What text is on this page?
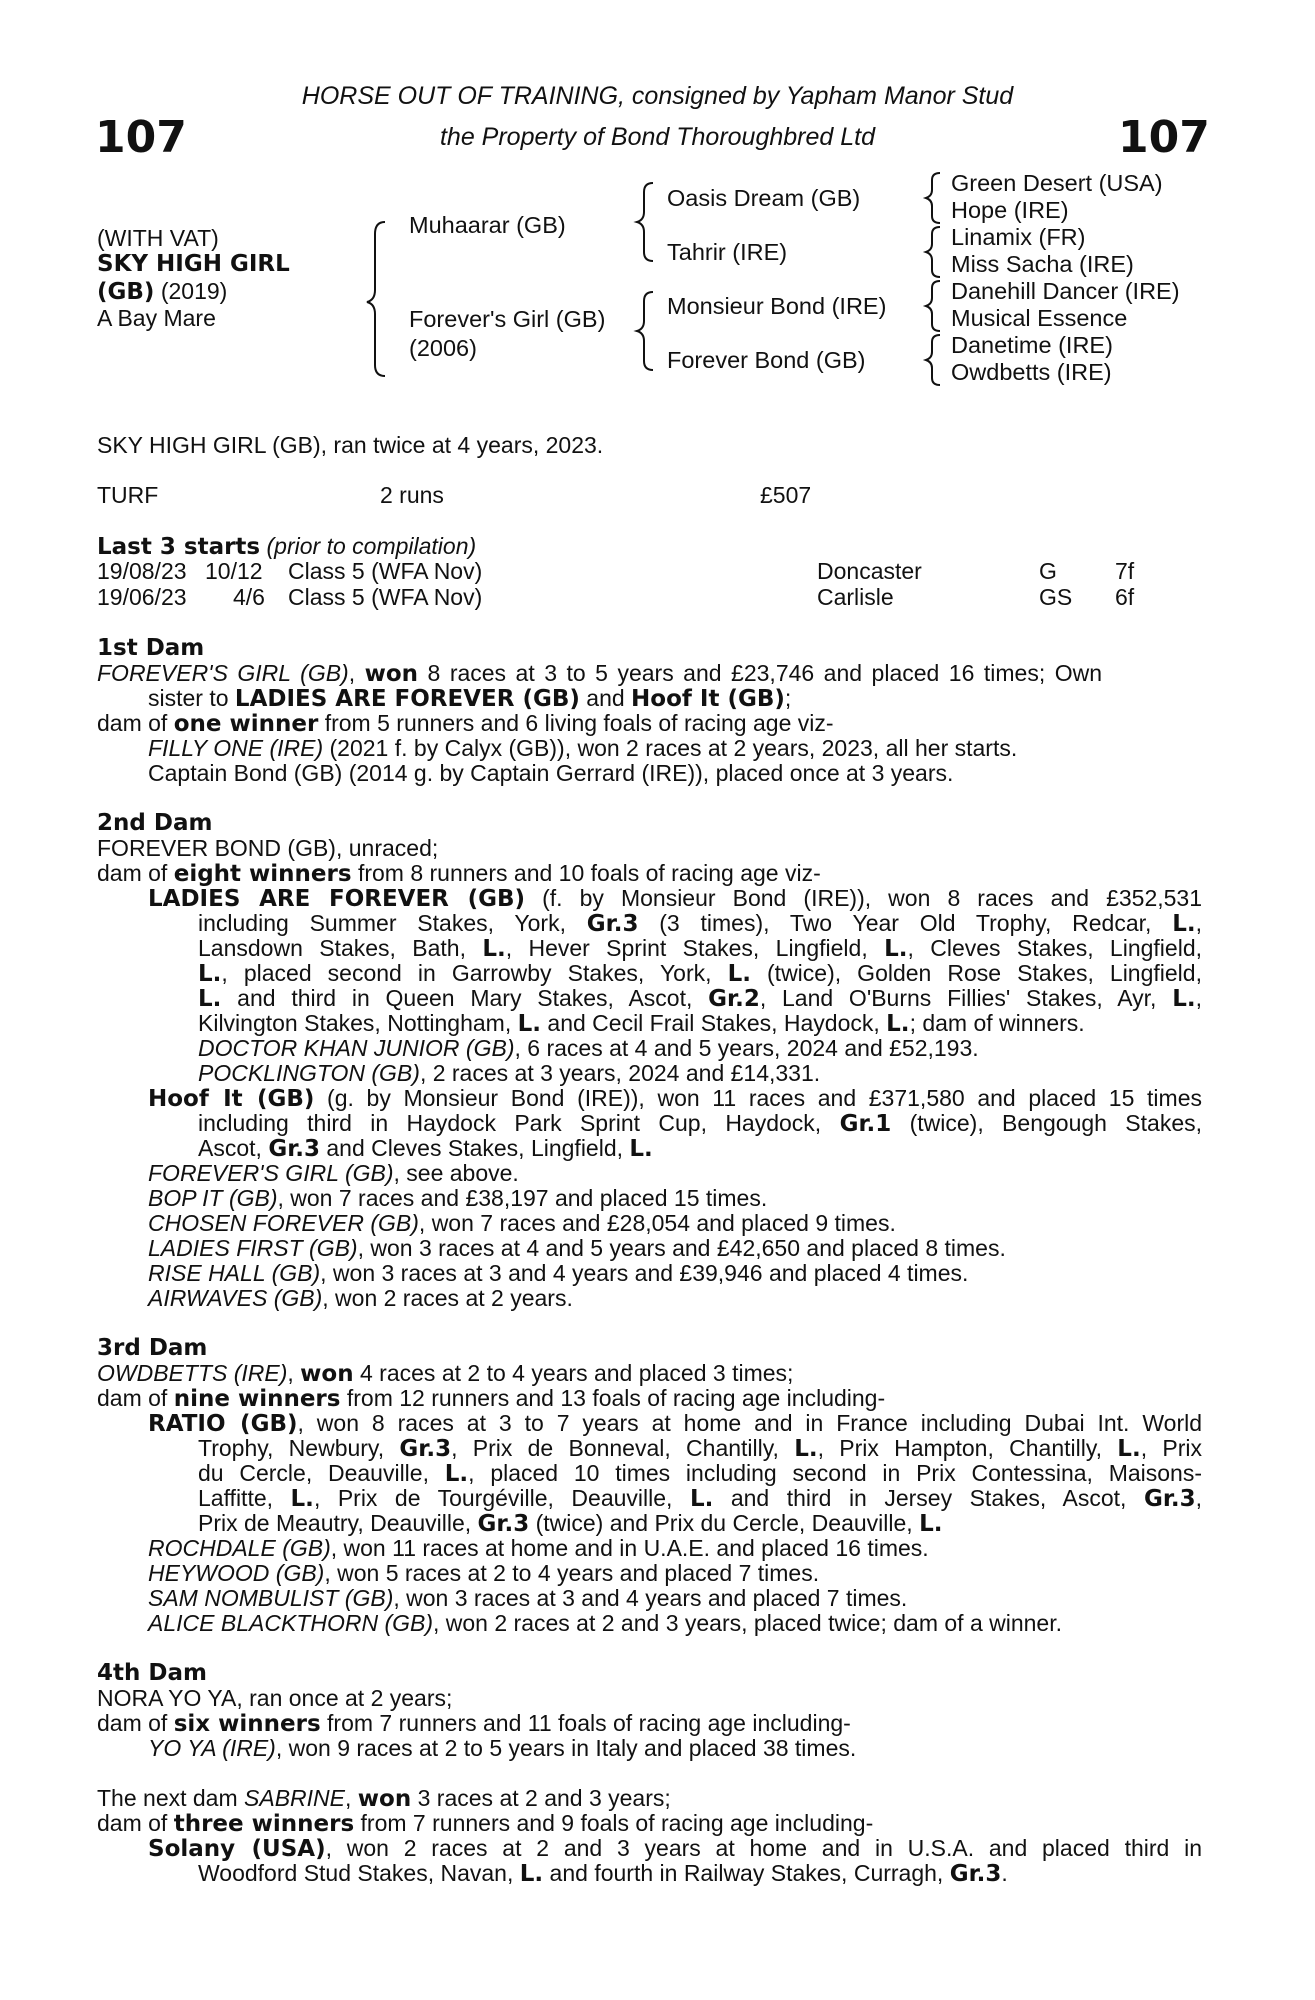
107	107
HORSE OUT OF TRAINING, consigned by Yapham Manor Stud
the Property of Bond Thoroughbred Ltd
(WITH VAT)
SKY HIGH GIRL
(GB) (2019)
A Bay Mare
Muhaarar (GB)
Forever's Girl (GB)
(2006)
Oasis Dream (GB)
Tahrir (IRE)
Monsieur Bond (IRE)
Forever Bond (GB)
Green Desert (USA)
Hope (IRE)
Linamix (FR)
Miss Sacha (IRE)
Danehill Dancer (IRE)
Musical Essence
Danetime (IRE)
Owdbetts (IRE)
SKY HIGH GIRL (GB), ran twice at 4 years, 2023.
TURF	2 runs	£507
Last 3 starts (prior to compilation)
19/08/23 10/12 Class 5 (WFA Nov)	Doncaster	G	7f
19/06/23 4/6 Class 5 (WFA Nov)	Carlisle	GS 6f
1st Dam
FOREVER'S GIRL (GB), won 8 races at 3 to 5 years and £23,746 and placed 16 times; Own
sister to LADIES ARE FOREVER (GB) and Hoof It (GB);
dam of one winner from 5 runners and 6 living foals of racing age viz-
FILLY ONE (IRE) (2021 f. by Calyx (GB)), won 2 races at 2 years, 2023, all her starts.
Captain Bond (GB) (2014 g. by Captain Gerrard (IRE)), placed once at 3 years.
2nd Dam
FOREVER BOND (GB), unraced;
dam of eight winners from 8 runners and 10 foals of racing age viz-
LADIES ARE FOREVER (GB) (f. by Monsieur Bond (IRE)), won 8 races and £352,531
including Summer Stakes, York, Gr.3 (3 times), Two Year Old Trophy, Redcar, L.,
Lansdown Stakes, Bath, L., Hever Sprint Stakes, Lingfield, L., Cleves Stakes, Lingfield,
L., placed second in Garrowby Stakes, York, L. (twice), Golden Rose Stakes, Lingfield,
L. and third in Queen Mary Stakes, Ascot, Gr.2, Land O'Burns Fillies' Stakes, Ayr, L.,
Kilvington Stakes, Nottingham, L. and Cecil Frail Stakes, Haydock, L.; dam of winners.
DOCTOR KHAN JUNIOR (GB), 6 races at 4 and 5 years, 2024 and £52,193.
POCKLINGTON (GB), 2 races at 3 years, 2024 and £14,331.
Hoof It (GB) (g. by Monsieur Bond (IRE)), won 11 races and £371,580 and placed 15 times
including third in Haydock Park Sprint Cup, Haydock, Gr.1 (twice), Bengough Stakes,
Ascot, Gr.3 and Cleves Stakes, Lingfield, L.
FOREVER'S GIRL (GB), see above.
BOP IT (GB), won 7 races and £38,197 and placed 15 times.
CHOSEN FOREVER (GB), won 7 races and £28,054 and placed 9 times.
LADIES FIRST (GB), won 3 races at 4 and 5 years and £42,650 and placed 8 times.
RISE HALL (GB), won 3 races at 3 and 4 years and £39,946 and placed 4 times.
AIRWAVES (GB), won 2 races at 2 years.
3rd Dam
OWDBETTS (IRE), won 4 races at 2 to 4 years and placed 3 times;
dam of nine winners from 12 runners and 13 foals of racing age including-
RATIO (GB), won 8 races at 3 to 7 years at home and in France including Dubai Int. World
Trophy, Newbury, Gr.3, Prix de Bonneval, Chantilly, L., Prix Hampton, Chantilly, L., Prix
du Cercle, Deauville, L., placed 10 times including second in Prix Contessina, Maisons-
Laffitte, L., Prix de Tourgéville, Deauville, L. and third in Jersey Stakes, Ascot, Gr.3,
Prix de Meautry, Deauville, Gr.3 (twice) and Prix du Cercle, Deauville, L.
ROCHDALE (GB), won 11 races at home and in U.A.E. and placed 16 times.
HEYWOOD (GB), won 5 races at 2 to 4 years and placed 7 times.
SAM NOMBULIST (GB), won 3 races at 3 and 4 years and placed 7 times.
ALICE BLACKTHORN (GB), won 2 races at 2 and 3 years, placed twice; dam of a winner.
4th Dam
NORA YO YA, ran once at 2 years;
dam of six winners from 7 runners and 11 foals of racing age including-
YO YA (IRE), won 9 races at 2 to 5 years in Italy and placed 38 times.
The next dam SABRINE, won 3 races at 2 and 3 years;
dam of three winners from 7 runners and 9 foals of racing age including-
Solany (USA), won 2 races at 2 and 3 years at home and in U.S.A. and placed third in
Woodford Stud Stakes, Navan, L. and fourth in Railway Stakes, Curragh, Gr.3.
